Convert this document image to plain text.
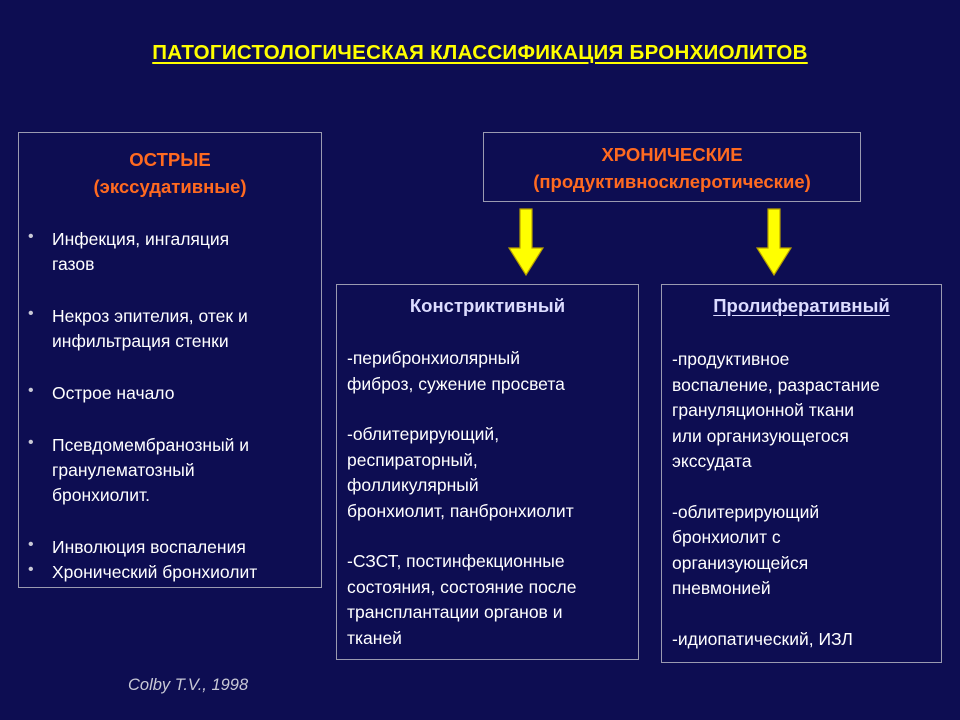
ПАТОГИСТОЛОГИЧЕСКАЯ КЛАССИФИКАЦИЯ БРОНХИОЛИТОВ
ОСТРЫЕ
(экссудативные)
• Инфекция, ингаляция
газов
• Некроз эпителия, отек и
инфильтрация стенки
• Острое начало
• Псевдомембранозный и
гранулематозный
бронхиолит.
• Инволюция воспаления
• Хронический бронхиолит
ХРОНИЧЕСКИЕ
(продуктивносклеротические)
Констриктивный

-перибронхиолярный
фиброз, сужение просвета

-облитерирующий,
респираторный,
фолликулярный
бронхиолит, панбронхиолит

-СЗСТ, постинфекционные
состояния, состояние после
трансплантации органов и
тканей

Пролиферативный

-продуктивное
воспаление, разрастание
грануляционной ткани
или организующегося
экссудата

-облитерирующий
бронхиолит с
организующейся
пневмонией

-идиопатический, ИЗЛ

Colby T.V., 1998
